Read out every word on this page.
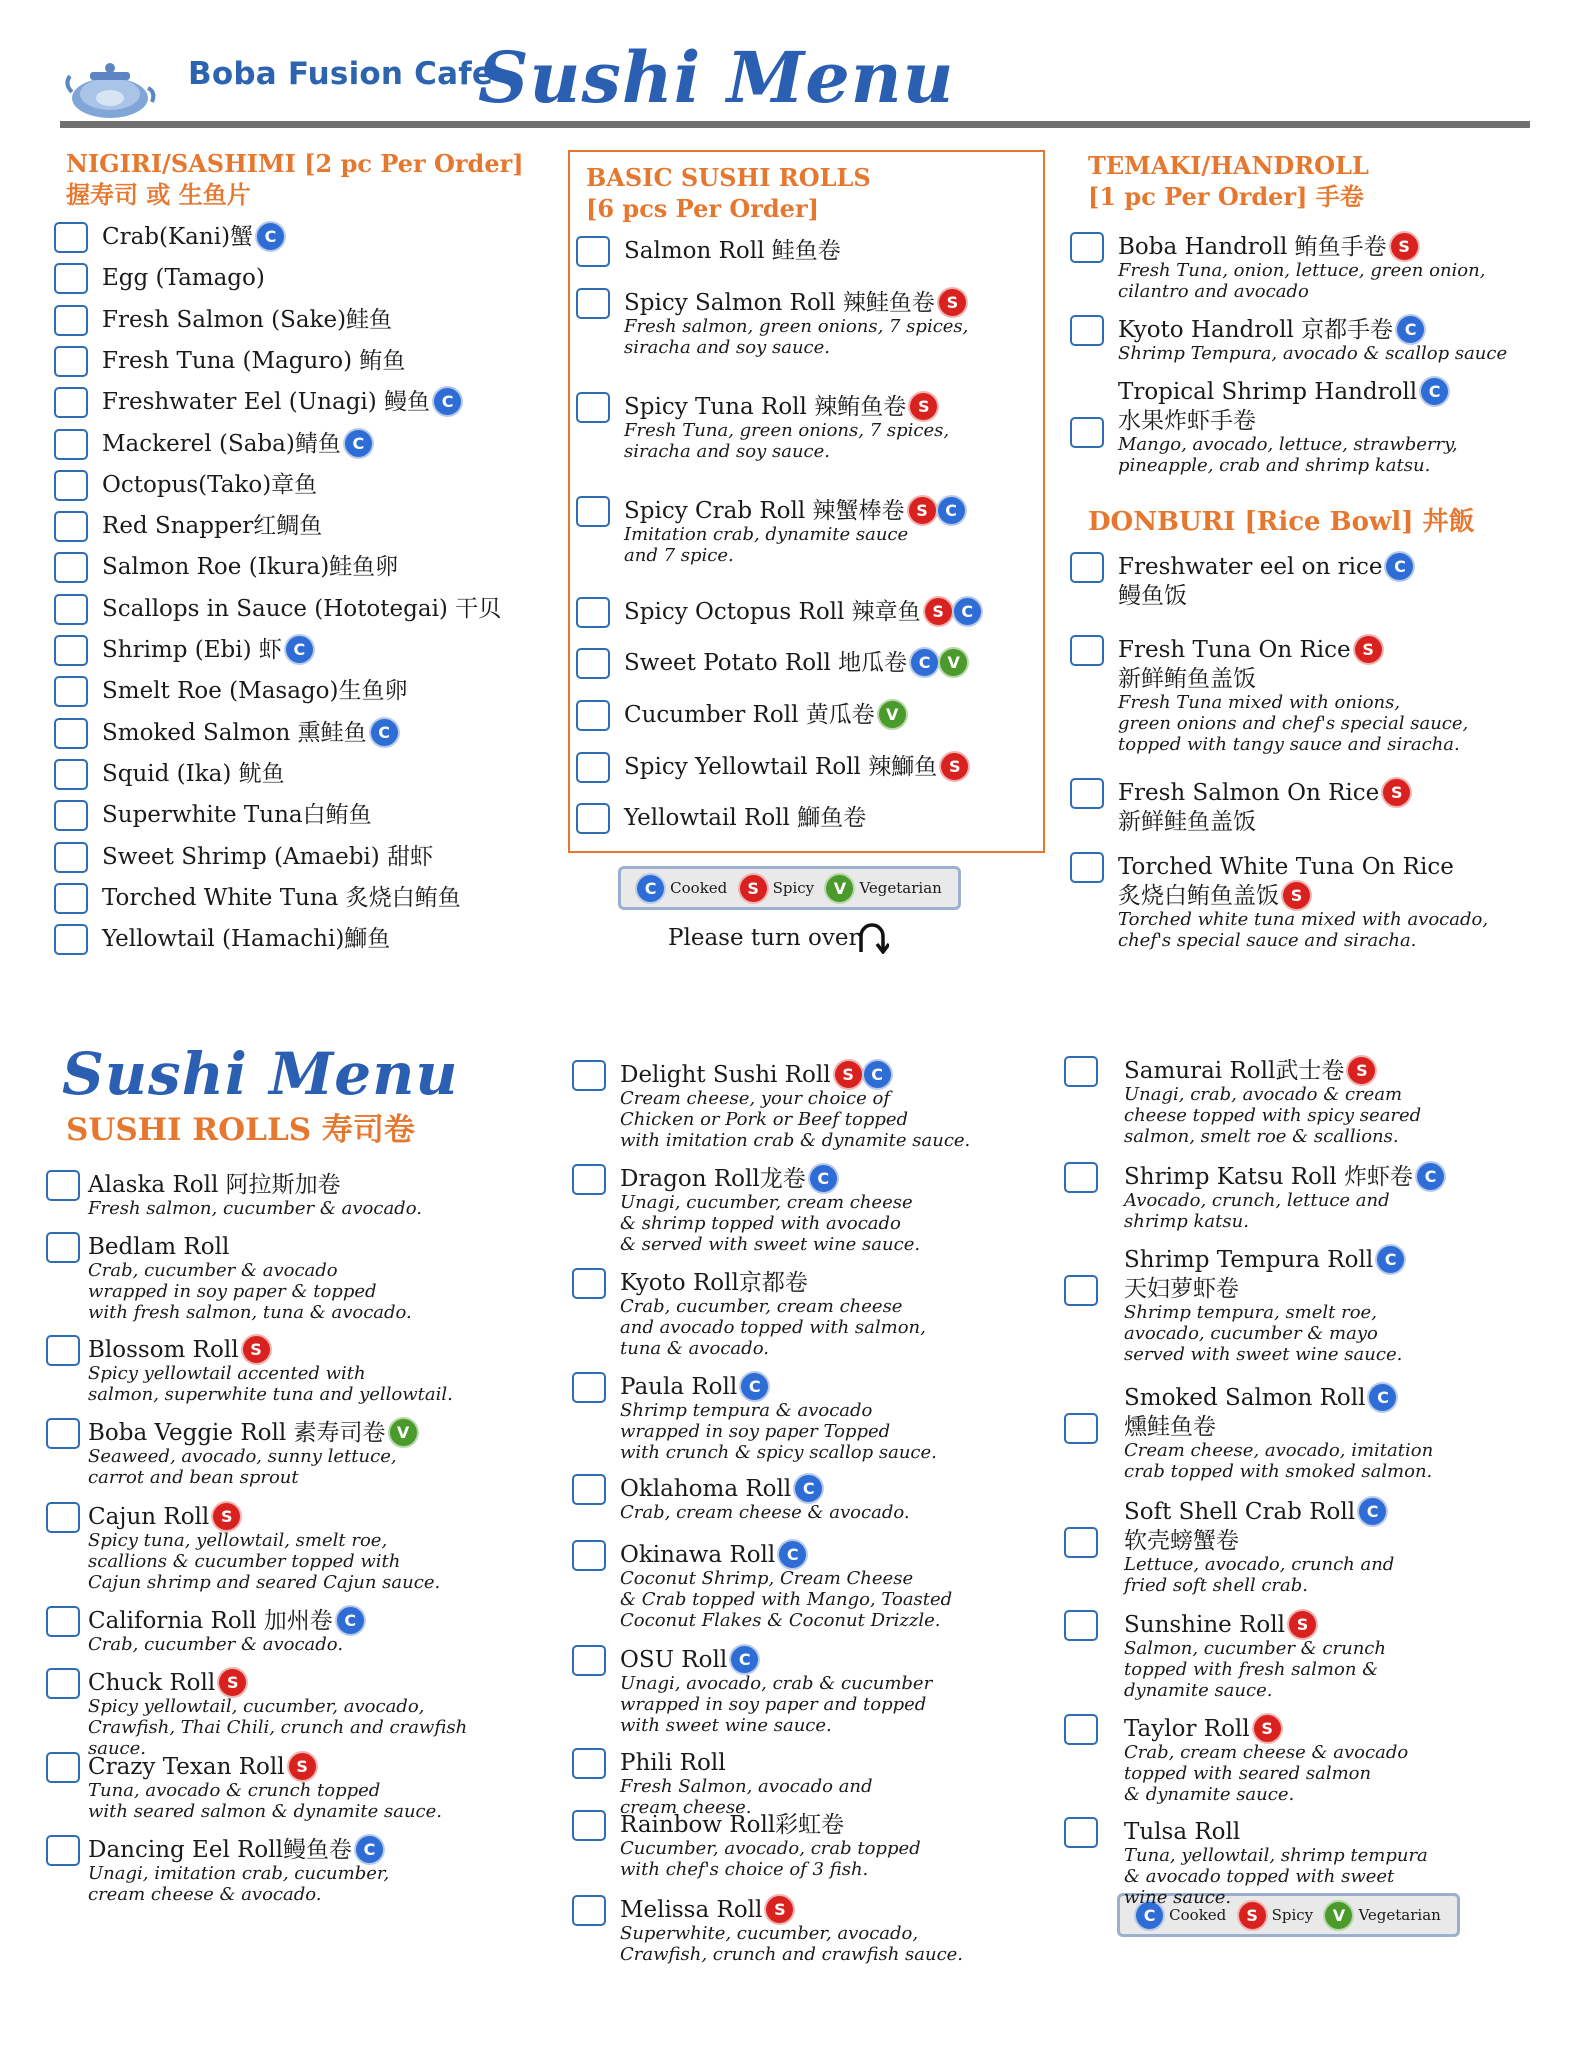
Boba Fusion Cafe
Sushi Menu
NIGIRI/SASHIMI [2 pc Per Order]
握寿司 或 生鱼片
BASIC SUSHI ROLLS
[6 pcs Per Order]
TEMAKI/HANDROLL
[1 pc Per Order] 手卷
DONBURI [Rice Bowl] 丼飯
C Cooked	S Spicy	V Vegetarian
Please turn over
Sushi Menu
SUSHI ROLLS 寿司卷
C Cooked	S Spicy	V Vegetarian
Crab(Kani)蟹 C
Egg (Tamago)
Fresh Salmon (Sake)鲑鱼
Fresh Tuna (Maguro) 鲔鱼
Freshwater Eel (Unagi) 鳗鱼 C
Mackerel (Saba)鲭鱼 C
Octopus(Tako)章鱼
Red Snapper红鲷鱼
Salmon Roe (Ikura)鲑鱼卵
Scallops in Sauce (Hototegai) 干贝
Shrimp (Ebi) 虾 C
Smelt Roe (Masago)生鱼卵
Smoked Salmon 熏鲑鱼 C
Squid (Ika) 鱿鱼
Superwhite Tuna白鲔鱼
Sweet Shrimp (Amaebi) 甜虾
Torched White Tuna 炙烧白鲔鱼
Yellowtail (Hamachi)鰤鱼
Salmon Roll 鲑鱼卷
Spicy Salmon Roll 辣鲑鱼卷 S
Fresh salmon, green onions, 7 spices,
siracha and soy sauce.
Spicy Tuna Roll 辣鲔鱼卷 S
Fresh Tuna, green onions, 7 spices,
siracha and soy sauce.
Spicy Crab Roll 辣蟹棒卷 S C
Imitation crab, dynamite sauce
and 7 spice.
Spicy Octopus Roll 辣章鱼 S C
Sweet Potato Roll 地瓜卷 C V
Cucumber Roll 黄瓜卷 V
Spicy Yellowtail Roll 辣鰤鱼 S
Yellowtail Roll 鰤鱼卷
Boba Handroll 鲔鱼手卷 S
Fresh Tuna, onion, lettuce, green onion,
cilantro and avocado
Kyoto Handroll 京都手卷 C
Shrimp Tempura, avocado & scallop sauce
水果炸虾手卷
Tropical Shrimp Handroll C
Mango, avocado, lettuce, strawberry,
pineapple, crab and shrimp katsu.
鳗鱼饭
Freshwater eel on rice C
新鲜鲔鱼盖饭
Fresh Tuna On Rice S
Fresh Tuna mixed with onions,
green onions and chef's special sauce,
topped with tangy sauce and siracha.
新鲜鲑鱼盖饭
Fresh Salmon On Rice S
炙烧白鲔鱼盖饭 S
Torched White Tuna On Rice
Torched white tuna mixed with avocado,
chef's special sauce and siracha.
Alaska Roll 阿拉斯加卷
Fresh salmon, cucumber & avocado.
Bedlam Roll
Crab, cucumber & avocado
wrapped in soy paper & topped
with fresh salmon, tuna & avocado.
Blossom Roll S
Spicy yellowtail accented with
salmon, superwhite tuna and yellowtail.
Boba Veggie Roll 素寿司卷 V
Seaweed, avocado, sunny lettuce,
carrot and bean sprout
Cajun Roll S
Spicy tuna, yellowtail, smelt roe,
scallions & cucumber topped with
Cajun shrimp and seared Cajun sauce.
California Roll 加州卷 C
Crab, cucumber & avocado.
Chuck Roll S
Spicy yellowtail, cucumber, avocado,
Crawfish, Thai Chili, crunch and crawfish
sauce.
Crazy Texan Roll S
Tuna, avocado & crunch topped
with seared salmon & dynamite sauce.
Dancing Eel Roll鳗鱼卷 C
Unagi, imitation crab, cucumber,
cream cheese & avocado.
Delight Sushi Roll S C
Cream cheese, your choice of
Chicken or Pork or Beef topped
with imitation crab & dynamite sauce.
Dragon Roll龙卷 C
Unagi, cucumber, cream cheese
& shrimp topped with avocado
& served with sweet wine sauce.
Kyoto Roll京都卷
Crab, cucumber, cream cheese
and avocado topped with salmon,
tuna & avocado.
Paula Roll C
Shrimp tempura & avocado
wrapped in soy paper Topped
with crunch & spicy scallop sauce.
Oklahoma Roll C
Crab, cream cheese & avocado.
Okinawa Roll C
Coconut Shrimp, Cream Cheese
& Crab topped with Mango, Toasted
Coconut Flakes & Coconut Drizzle.
OSU Roll C
Unagi, avocado, crab & cucumber
wrapped in soy paper and topped
with sweet wine sauce.
Phili Roll
Fresh Salmon, avocado and
cream cheese.
Rainbow Roll彩虹卷
Cucumber, avocado, crab topped
with chef's choice of 3 fish.
Melissa Roll S
Superwhite, cucumber, avocado,
Crawfish, crunch and crawfish sauce.
Samurai Roll武士卷 S
Unagi, crab, avocado & cream
cheese topped with spicy seared
salmon, smelt roe & scallions.
Shrimp Katsu Roll 炸虾卷 C
Avocado, crunch, lettuce and
shrimp katsu.
天妇萝虾卷
Shrimp Tempura Roll C
Shrimp tempura, smelt roe,
avocado, cucumber & mayo
served with sweet wine sauce.
燻鲑鱼卷
Smoked Salmon Roll C
Cream cheese, avocado, imitation
crab topped with smoked salmon.
软壳螃蟹卷
Soft Shell Crab Roll C
Lettuce, avocado, crunch and
fried soft shell crab.
Sunshine Roll S
Salmon, cucumber & crunch
topped with fresh salmon &
dynamite sauce.
Taylor Roll S
Crab, cream cheese & avocado
topped with seared salmon
& dynamite sauce.
Tulsa Roll
Tuna, yellowtail, shrimp tempura
& avocado topped with sweet
wine sauce.
